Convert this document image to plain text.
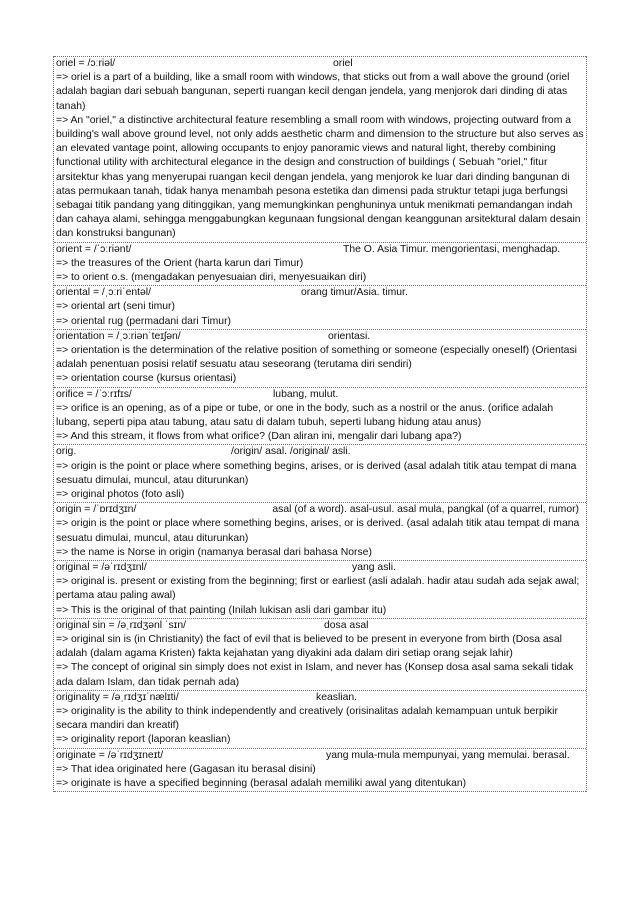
oriel = /ɔːriəl/	oriel
=> oriel is a part of a building, like a small room with windows, that sticks out from a wall above the ground (oriel adalah bagian dari sebuah bangunan, seperti ruangan kecil dengan jendela, yang menjorok dari dinding di atas tanah)
=> An "oriel," a distinctive architectural feature resembling a small room with windows, projecting outward from a building's wall above ground level, not only adds aesthetic charm and dimension to the structure but also serves as an elevated vantage point, allowing occupants to enjoy panoramic views and natural light, thereby combining functional utility with architectural elegance in the design and construction of buildings ( Sebuah "oriel," fitur arsitektur khas yang menyerupai ruangan kecil dengan jendela, yang menjorok ke luar dari dinding bangunan di atas permukaan tanah, tidak hanya menambah pesona estetika dan dimensi pada struktur tetapi juga berfungsi sebagai titik pandang yang ditinggikan, yang memungkinkan penghuninya untuk menikmati pemandangan indah dan cahaya alami, sehingga menggabungkan kegunaan fungsional dengan keanggunan arsitektural dalam desain dan konstruksi bangunan)
orient = /ˈɔːriənt/	The O. Asia Timur. mengorientasi, menghadap.
=> the treasures of the Orient (harta karun dari Timur)
=> to orient o.s. (mengadakan penyesuaian diri, menyesuaikan diri)
oriental = /ˌɔːriˈentəl/	orang timur/Asia. timur.
=> oriental art (seni timur)
=> oriental rug (permadani dari Timur)
orientation = /ˌɔːriənˈteɪʃən/	orientasi.
=> orientation is the determination of the relative position of something or someone (especially oneself) (Orientasi adalah penentuan posisi relatif sesuatu atau seseorang (terutama diri sendiri)
=> orientation course (kursus orientasi)
orifice = /ˈɔːrɪfɪs/	lubang, mulut.
=> orifice is an opening, as of a pipe or tube, or one in the body, such as a nostril or the anus. (orifice adalah lubang, seperti pipa atau tabung, atau satu di dalam tubuh, seperti lubang hidung atau anus)
=> And this stream, it flows from what orifice? (Dan aliran ini, mengalir dari lubang apa?)
orig.	/origin/ asal. /original/ asli.
=> origin is the point or place where something begins, arises, or is derived (asal adalah titik atau tempat di mana sesuatu dimulai, muncul, atau diturunkan)
=> original photos (foto asli)
origin = /ˈɒrɪdʒɪn/	asal (of a word). asal-usul. asal mula, pangkal (of a quarrel, rumor)
=> origin is the point or place where something begins, arises, or is derived. (asal adalah titik atau tempat di mana sesuatu dimulai, muncul, atau diturunkan)
=> the name is Norse in origin (namanya berasal dari bahasa Norse)
original = /əˈrɪdʒɪnl/	yang asli.
=> original is. present or existing from the beginning; first or earliest (asli adalah. hadir atau sudah ada sejak awal; pertama atau paling awal)
=> This is the original of that painting (Inilah lukisan asli dari gambar itu)
original sin = /əˌrɪdʒənl ˈsɪn/	dosa asal
=> original sin is (in Christianity) the fact of evil that is believed to be present in everyone from birth (Dosa asal adalah (dalam agama Kristen) fakta kejahatan yang diyakini ada dalam diri setiap orang sejak lahir)
=> The concept of original sin simply does not exist in Islam, and never has (Konsep dosa asal sama sekali tidak ada dalam Islam, dan tidak pernah ada)
originality = /əˌrɪdʒɪˈnælɪti/	keaslian.
=> originality is the ability to think independently and creatively (orisinalitas adalah kemampuan untuk berpikir secara mandiri dan kreatif)
=> originality report (laporan keaslian)
originate = /əˈrɪdʒɪneɪt/	yang mula-mula mempunyai, yang memulai. berasal.
=> That idea originated here (Gagasan itu berasal disini)
=> originate is have a specified beginning (berasal adalah memiliki awal yang ditentukan)
